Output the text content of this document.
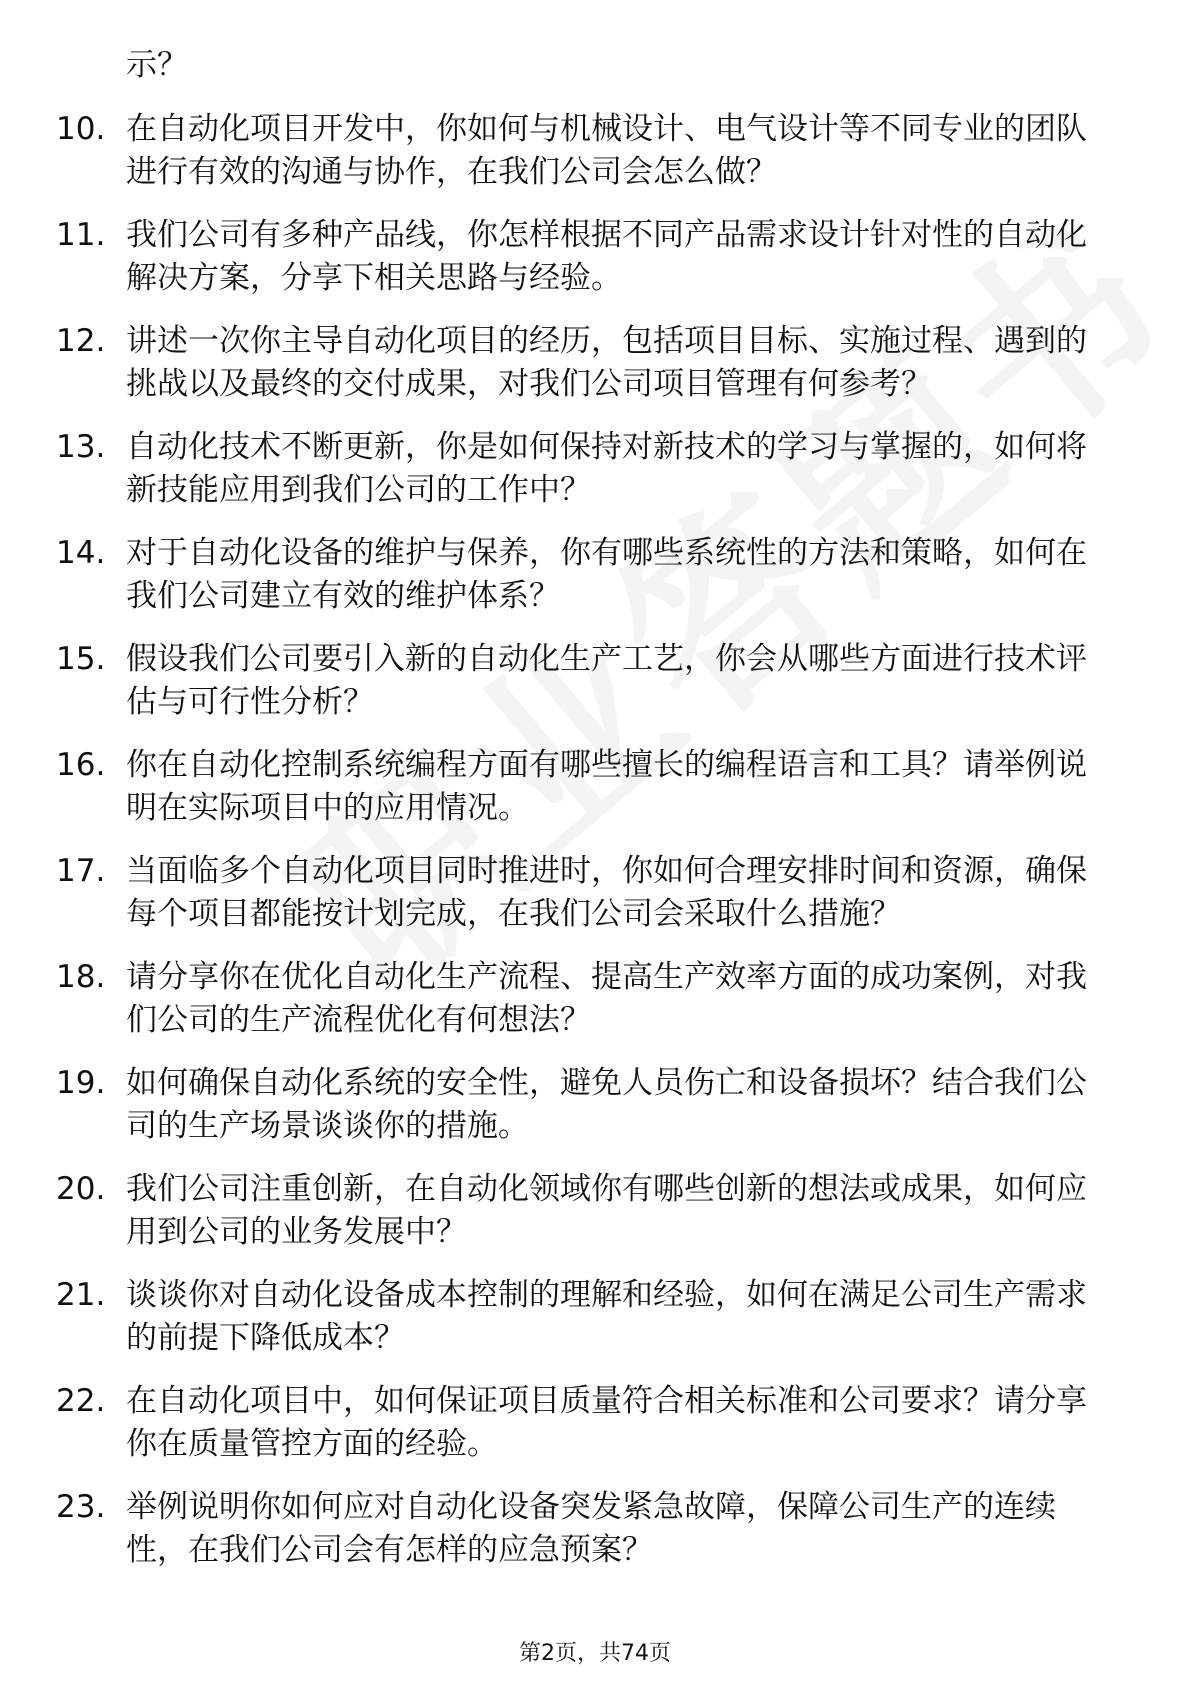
示？

10. 在自动化项目开发中，你如何与机械设计、电气设计等不同专业的团队进行有效的沟通与协作，在我们公司会怎么做？

11. 我们公司有多种产品线，你怎样根据不同产品需求设计针对性的自动化解决方案，分享下相关思路与经验。

12. 讲述一次你主导自动化项目的经历，包括项目目标、实施过程、遇到的挑战以及最终的交付成果，对我们公司项目管理有何参考？

13. 自动化技术不断更新，你是如何保持对新技术的学习与掌握的，如何将新技能应用到我们公司的工作中？

14. 对于自动化设备的维护与保养，你有哪些系统性的方法和策略，如何在我们公司建立有效的维护体系？

15. 假设我们公司要引入新的自动化生产工艺，你会从哪些方面进行技术评估与可行性分析？

16. 你在自动化控制系统编程方面有哪些擅长的编程语言和工具？请举例说明在实际项目中的应用情况。

17. 当面临多个自动化项目同时推进时，你如何合理安排时间和资源，确保每个项目都能按计划完成，在我们公司会采取什么措施？

18. 请分享你在优化自动化生产流程、提高生产效率方面的成功案例，对我们公司的生产流程优化有何想法？

19. 如何确保自动化系统的安全性，避免人员伤亡和设备损坏？结合我们公司的生产场景谈谈你的措施。

20. 我们公司注重创新，在自动化领域你有哪些创新的想法或成果，如何应用到公司的业务发展中？

21. 谈谈你对自动化设备成本控制的理解和经验，如何在满足公司生产需求的前提下降低成本？

22. 在自动化项目中，如何保证项目质量符合相关标准和公司要求？请分享你在质量管控方面的经验。

23. 举例说明你如何应对自动化设备突发紧急故障，保障公司生产的连续性，在我们公司会有怎样的应急预案？

第2页，共74页
